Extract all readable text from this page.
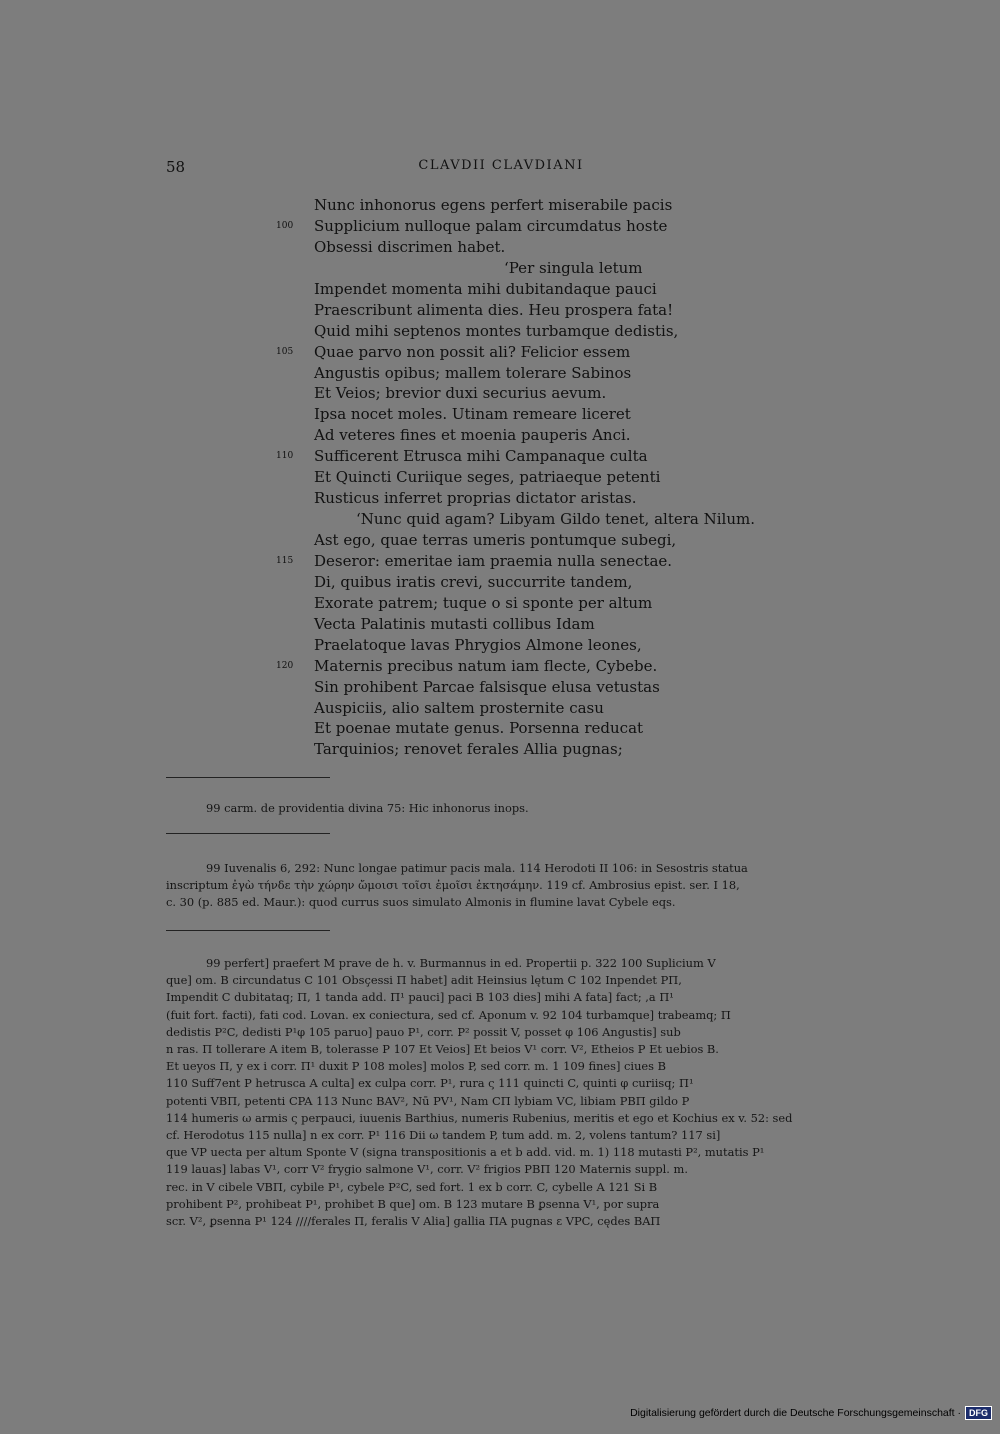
58	CLAVDII CLAVDIANI
Nunc inhonorus egens perfert miserabile pacis
100 Supplicium nulloque palam circumdatus hoste
Obsessi discrimen habet.
‘Per singula letum
Impendet momenta mihi dubitandaque pauci
Praescribunt alimenta dies. Heu prospera fata!
Quid mihi septenos montes turbamque dedistis,
105 Quae parvo non possit ali? Felicior essem
Angustis opibus; mallem tolerare Sabinos
Et Veios; brevior duxi securius aevum.
Ipsa nocet moles. Utinam remeare liceret
Ad veteres fines et moenia pauperis Anci.
110 Sufficerent Etrusca mihi Campanaque culta
Et Quincti Curiique seges, patriaeque petenti
Rusticus inferret proprias dictator aristas.
‘Nunc quid agam? Libyam Gildo tenet, altera Nilum.
Ast ego, quae terras umeris pontumque subegi,
115 Deseror: emeritae iam praemia nulla senectae.
Di, quibus iratis crevi, succurrite tandem,
Exorate patrem; tuque o si sponte per altum
Vecta Palatinis mutasti collibus Idam
Praelatoque lavas Phrygios Almone leones,
120 Maternis precibus natum iam flecte, Cybebe.
Sin prohibent Parcae falsisque elusa vetustas
Auspiciis, alio saltem prosternite casu
Et poenae mutate genus. Porsenna reducat
Tarquinios; renovet ferales Allia pugnas;

99 carm. de providentia divina 75: Hic inhonorus inops.

99 Iuvenalis 6, 292: Nunc longae patimur pacis mala. 114 Herodoti II 106: in Sesostris statua
inscriptum ἐγὼ τήνδε τὴν χώρην ὤμοισι τοῖσι ἐμοῖσι ἐκτησάμην. 119 cf. Ambrosius epist. ser. I 18,
c. 30 (p. 885 ed. Maur.): quod currus suos simulato Almonis in flumine lavat Cybele eqs.

99 perfert] praefert M prave de h. v. Burmannus in ed. Propertii p. 322 100 Suplicium V
que] om. B circundatus C 101 Obsçessi Π habet] adit Heinsius lętum C 102 Inpendet PΠ,
Impendit C dubitataq; Π, 1 tanda add. Π¹ pauci] paci B 103 dies] mihi A fata] fact; ,a Π¹
(fuit fort. facti), fati cod. Lovan. ex coniectura, sed cf. Aponum v. 92 104 turbamque] trabeamq; Π
dedistis P²C, dedisti P¹φ 105 paruo] pauo P¹, corr. P² possit V, posset φ 106 Angustis] sub
n ras. Π tollerare A item B, tolerasse P 107 Et Veios] Et beios V¹ corr. V², Etheios P Et uebios B.
Et ueyos Π, y ex i corr. Π¹ duxit P 108 moles] molos P, sed corr. m. 1 109 fines] ciues B
110 Suff7ent P hetrusca A culta] ex culpa corr. P¹, rura ς 111 quincti C, quinti φ curiisq; Π¹
potenti VBΠ, petenti CPA 113 Nunc BAV², Nū PV¹, Nam CΠ lybiam VC, libiam PBΠ gildo P
114 humeris ω armis ς perpauci, iuuenis Barthius, numeris Rubenius, meritis et ego et Kochius ex v. 52: sed
cf. Herodotus 115 nulla] n ex corr. P¹ 116 Dii ω tandem P, tum add. m. 2, volens tantum? 117 si]
que VP uecta per altum Sponte V (signa transpositionis a et b add. vid. m. 1) 118 mutasti P², mutatis P¹
119 lauas] labas V¹, corr V² frygio salmone V¹, corr. V² frigios PBΠ 120 Maternis suppl. m.
rec. in V cibele VBΠ, cybile P¹, cybele P²C, sed fort. 1 ex b corr. C, cybelle A 121 Si B
prohibent P², prohibeat P¹, prohibet B que] om. B 123 mutare B ꝑsenna V¹, por supra
scr. V², ꝑsenna P¹ 124 ////ferales Π, feralis V Alia] gallia ΠA pugnas ε VPC, cędes BAΠ

Digitalisierung gefördert durch die Deutsche Forschungsgemeinschaft · DFG
